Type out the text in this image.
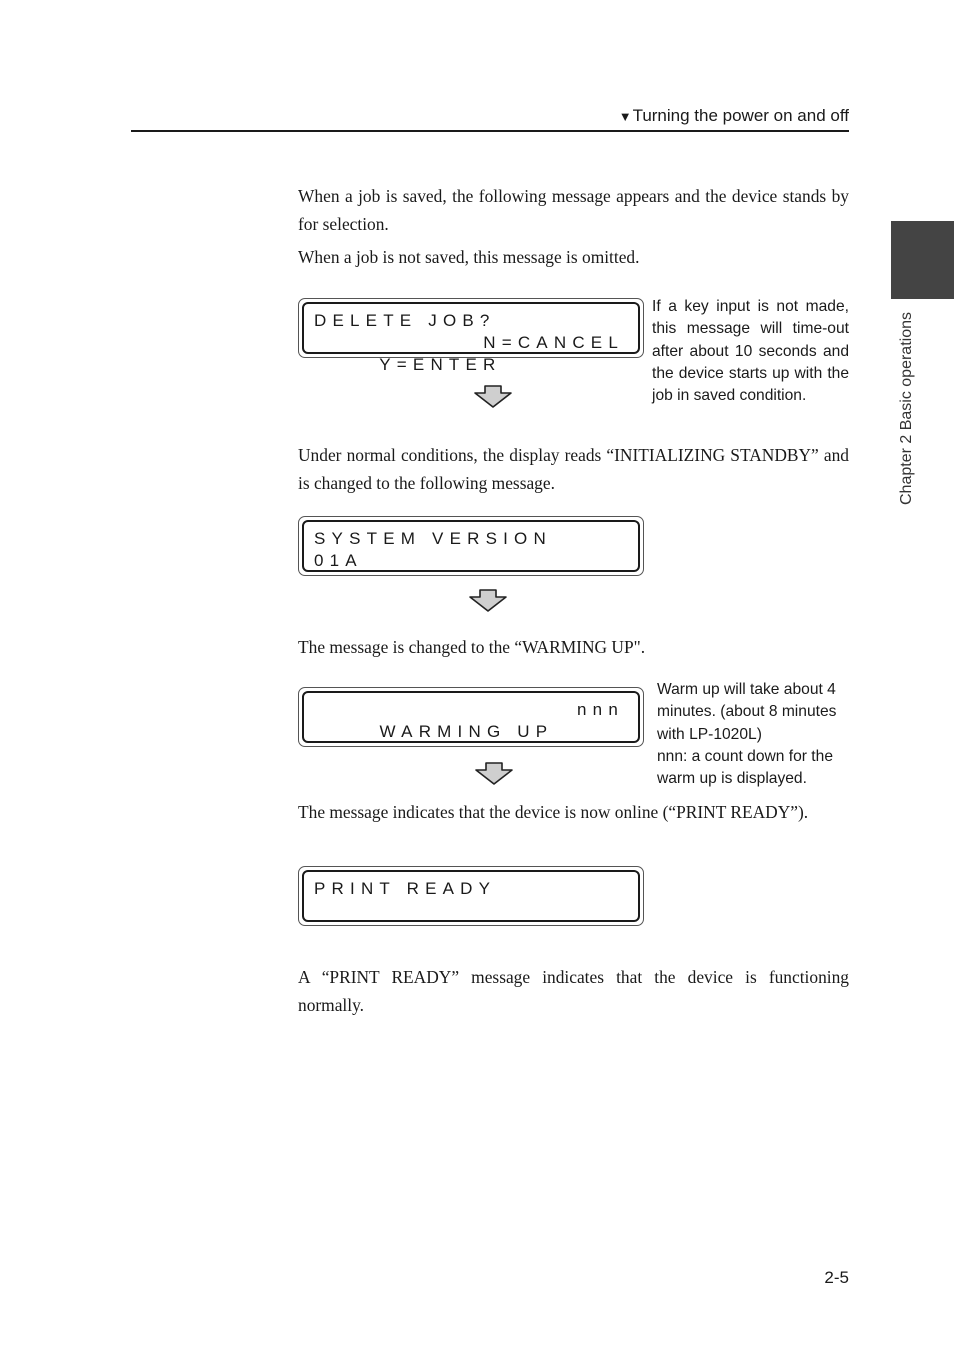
▼Turning the power on and off
Chapter 2 Basic operations

When a job is saved, the following message appears and the device stands by for selection.

When a job is not saved, this message is omitted.

DELETE JOB?

Y=ENTER

N=CANCEL

If a key input is not made, this message will time-out after about 10 seconds and the device starts up with the job in saved condition.

Under normal conditions, the display reads “INITIALIZING STANDBY” and is changed to the following message.

SYSTEM VERSION
01A

The message is changed to the “WARMING UP".

WARMING UP

nnn

Warm up will take about 4 minutes. (about 8 minutes with LP-1020L)
nnn: a count down for the warm up is displayed.

The message indicates that the device is now online (“PRINT READY”).

PRINT READY

A “PRINT READY” message indicates that the device is functioning normally.

2-5
